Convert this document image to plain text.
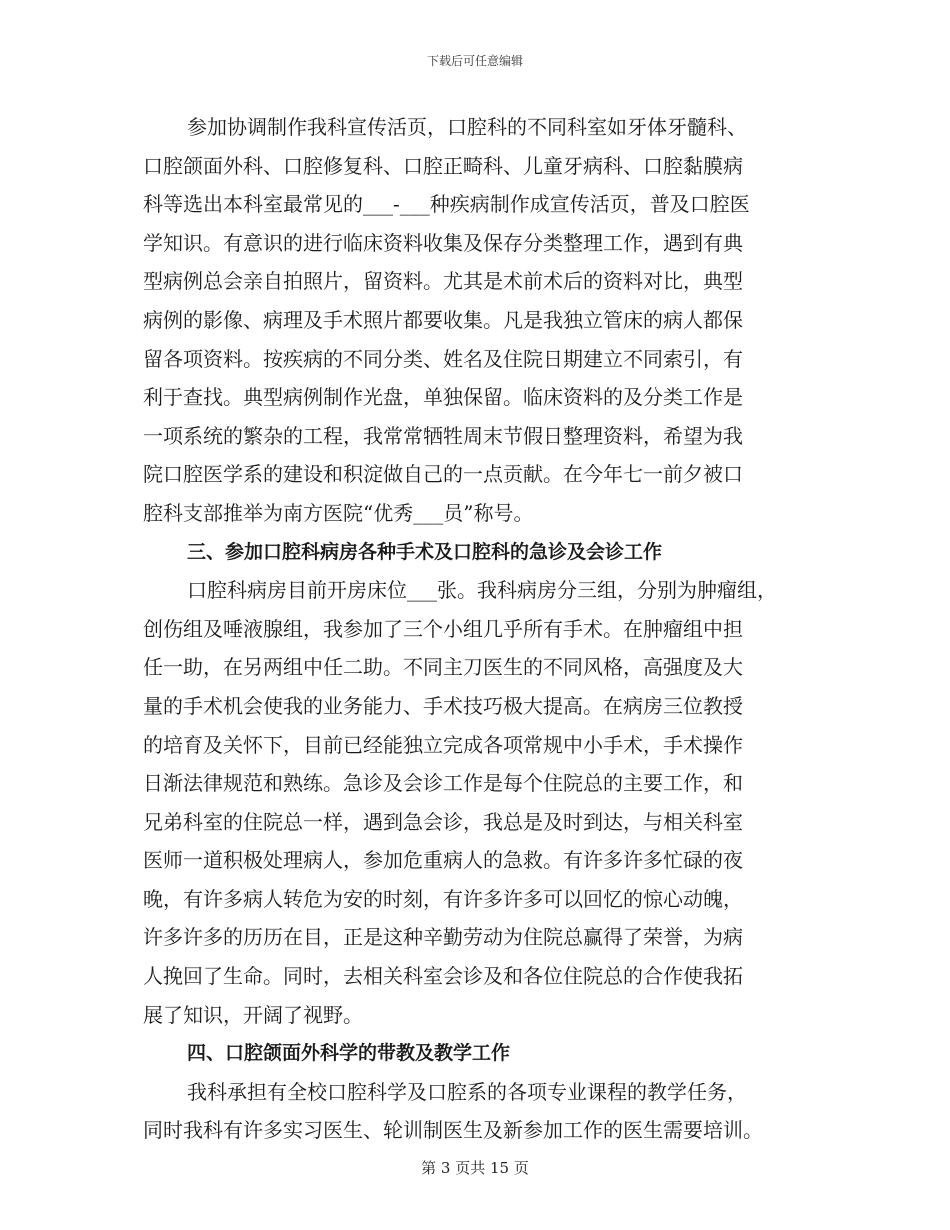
下载后可任意编辑
参加协调制作我科宣传活页，口腔科的不同科室如牙体牙髓科、
口腔颌面外科、口腔修复科、口腔正畸科、儿童牙病科、口腔黏膜病
科等选出本科室最常见的___-___种疾病制作成宣传活页，普及口腔医
学知识。有意识的进行临床资料收集及保存分类整理工作，遇到有典
型病例总会亲自拍照片，留资料。尤其是术前术后的资料对比，典型
病例的影像、病理及手术照片都要收集。凡是我独立管床的病人都保
留各项资料。按疾病的不同分类、姓名及住院日期建立不同索引，有
利于查找。典型病例制作光盘，单独保留。临床资料的及分类工作是
一项系统的繁杂的工程，我常常牺牲周末节假日整理资料，希望为我
院口腔医学系的建设和积淀做自己的一点贡献。在今年七一前夕被口
腔科支部推举为南方医院“优秀___员”称号。
三、参加口腔科病房各种手术及口腔科的急诊及会诊工作
口腔科病房目前开房床位___张。我科病房分三组，分别为肿瘤组，
创伤组及唾液腺组，我参加了三个小组几乎所有手术。在肿瘤组中担
任一助，在另两组中任二助。不同主刀医生的不同风格，高强度及大
量的手术机会使我的业务能力、手术技巧极大提高。在病房三位教授
的培育及关怀下，目前已经能独立完成各项常规中小手术，手术操作
日渐法律规范和熟练。急诊及会诊工作是每个住院总的主要工作，和
兄弟科室的住院总一样，遇到急会诊，我总是及时到达，与相关科室
医师一道积极处理病人，参加危重病人的急救。有许多许多忙碌的夜
晚，有许多病人转危为安的时刻，有许多许多可以回忆的惊心动魄，
许多许多的历历在目，正是这种辛勤劳动为住院总赢得了荣誉，为病
人挽回了生命。同时，去相关科室会诊及和各位住院总的合作使我拓
展了知识，开阔了视野。
四、口腔颌面外科学的带教及教学工作
我科承担有全校口腔科学及口腔系的各项专业课程的教学任务，
同时我科有许多实习医生、轮训制医生及新参加工作的医生需要培训。
第 3 页共 15 页
